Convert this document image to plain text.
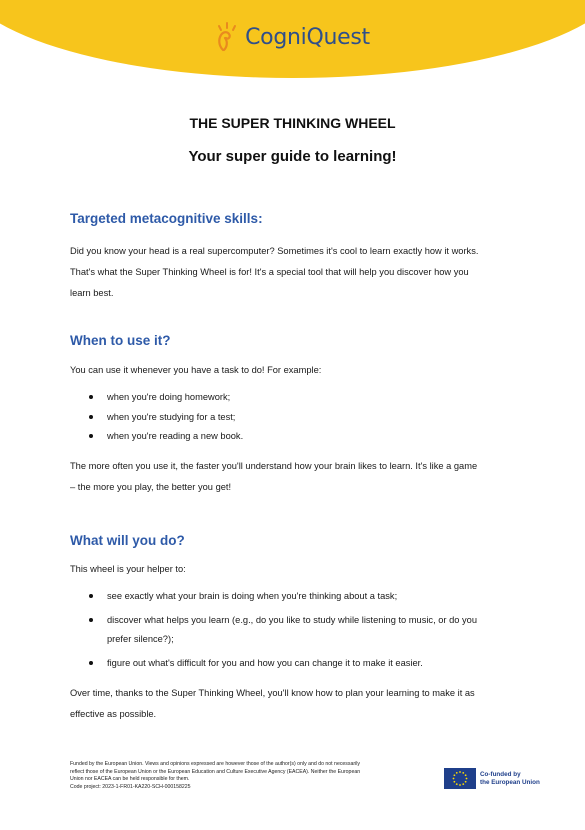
CogniQuest
THE SUPER THINKING WHEEL
Your super guide to learning!
Targeted metacognitive skills:

Did you know your head is a real supercomputer? Sometimes it's cool to learn exactly how it works.

That's what the Super Thinking Wheel is for! It's a special tool that will help you discover how you

learn best.

When to use it?

You can use it whenever you have a task to do! For example:

when you're doing homework;
when you're studying for a test;
when you're reading a new book.

The more often you use it, the faster you'll understand how your brain likes to learn. It's like a game

– the more you play, the better you get!

What will you do?

This wheel is your helper to:

see exactly what your brain is doing when you're thinking about a task;
discover what helps you learn (e.g., do you like to study while listening to music, or do you
prefer silence?);
figure out what's difficult for you and how you can change it to make it easier.

Over time, thanks to the Super Thinking Wheel, you'll know how to plan your learning to make it as

effective as possible.

Funded by the European Union. Views and opinions expressed are however those of the author(s) only and do not necessarily
reflect those of the European Union or the European Education and Culture Executive Agency (EACEA). Neither the European
Union nor EACEA can be held responsible for them.
Code project: 2023-1-FR01-KA220-SCH-000158225
Co-funded by
the European Union
